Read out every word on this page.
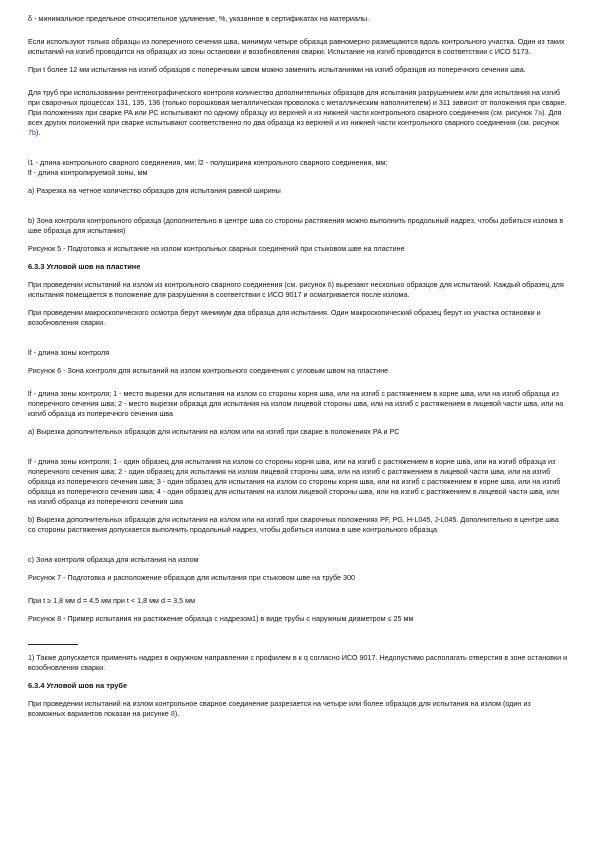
δ - минимальное предельное относительное удлинение, %, указанное в сертификатах на материалы.

Если используют только образцы из поперечного сечения шва, минимум четыре образца равномерно размещаются вдоль контрольного участка. Один из таких испытаний на изгиб проводится на образцах из зоны остановки и возобновления сварки. Испытание на изгиб проводится в соответствии с ИСО 5173.

При t более 12 мм испытания на изгиб образцов с поперечным швом можно заменить испытаниями на изгиб образцов из поперечного сечения шва.

Для труб при использовании рентгенографического контроля количество дополнительных образцов для испытания разрушением или для испытания на изгиб при сварочных процессах 131, 135, 136 (только порошковая металлическая проволока с металлическим наполнителем) и 311 зависит от положения при сварке. При положениях при сварке PA или PC испытывают по одному образцу из верхней и из нижней части контрольного сварного соединения (см. рисунок 7a). Для всех других положений при сварке испытывают соответственно по два образца из верхней и из нижней части контрольного сварного соединения (см. рисунок 7b).

l1 - длина контрольного сварного соединения, мм; l2 - полуширина контрольного сварного соединения, мм;

lf - длина контролируемой зоны, мм

а) Разрезка на четное количество образцов для испытания равной ширины

b) Зона контроля контрольного образца (дополнительно в центре шва со стороны растяжения можно выполнить продольный надрез, чтобы добиться излома в шве образца для испытания)

Рисунок 5 - Подготовка и испытание на излом контрольных сварных соединений при стыковом шве на пластине

6.3.3 Угловой шов на пластине

При проведении испытаний на излом из контрольного сварного соединения (см. рисунок 6) вырезают несколько образцов для испытаний. Каждый образец для испытания помещается в положение для разрушения в соответствии с ИСО 9017 и осматривается после излома.

При проведении макроскопического осмотра берут минимум два образца для испытания. Один макроскопический образец берут из участка остановки и возобновления сварки.

lf - длина зоны контроля

Рисунок 6 - Зона контроля для испытаний на излом контрольного соединения с угловым швом на пластине

lf - длина зоны контроля; 1 - место вырезки для испытания на излом со стороны корня шва, или на изгиб с растяжением в корне шва, или на изгиб образца из поперечного сечения шва; 2 - место вырезки образца для испытания на излом лицевой стороны шва, или на изгиб с растяжением в лицевой части шва, или на изгиб образца из поперечного сечения шва

а) Вырезка дополнительных образцов для испытания на излом или на изгиб при сварке в положениях PA и PC

lf - длина зоны контроля; 1 - один образец для испытания на излом со стороны корня шва, или на изгиб с растяжением в корне шва, или на изгиб образца из поперечного сечения шва; 2 - один образец для испытания на излом лицевой стороны шва, или на изгиб с растяжением в лицевой части шва, или на изгиб образца из поперечного сечения шва; 3 - один образец для испытания на излом со стороны корня шва, или на изгиб с растяжением в корне шва, или на изгиб образца из поперечного сечения шва; 4 - один образец для испытания на излом лицевой стороны шва, или на изгиб с растяжением в лицевой части шва, или на изгиб образца из поперечного сечения шва

b) Вырезка дополнительных образцов для испытания на излом или на изгиб при сварочных положениях PF, PG, H-L045, J-L045. Дополнительно в центре шва со стороны растяжения допускается выполнить продольный надрез, чтобы добиться излома в шве контрольного образца

с) Зона контроля образца для испытания на излом

Рисунок 7 - Подготовка и расположение образцов для испытания при стыковом шве на трубе 300

При t ≥ 1,8 мм d = 4,5 мм при t < 1,8 мм d = 3,5 мм

Рисунок 8 - Пример испытания на растяжение образца с надрезом1) в виде трубы с наружным диаметром ≤ 25 мм

1) Также допускается применять надрез в окружном направлении с профилем в к q согласно ИСО 9017. Недопустимо располагать отверстия в зоне остановки и возобновления сварки.

6.3.4 Угловой шов на трубе

При проведении испытаний на излом контрольное сварное соединение разрезается на четыре или более образцов для испытания на излом (один из возможных вариантов показан на рисунке 8).
